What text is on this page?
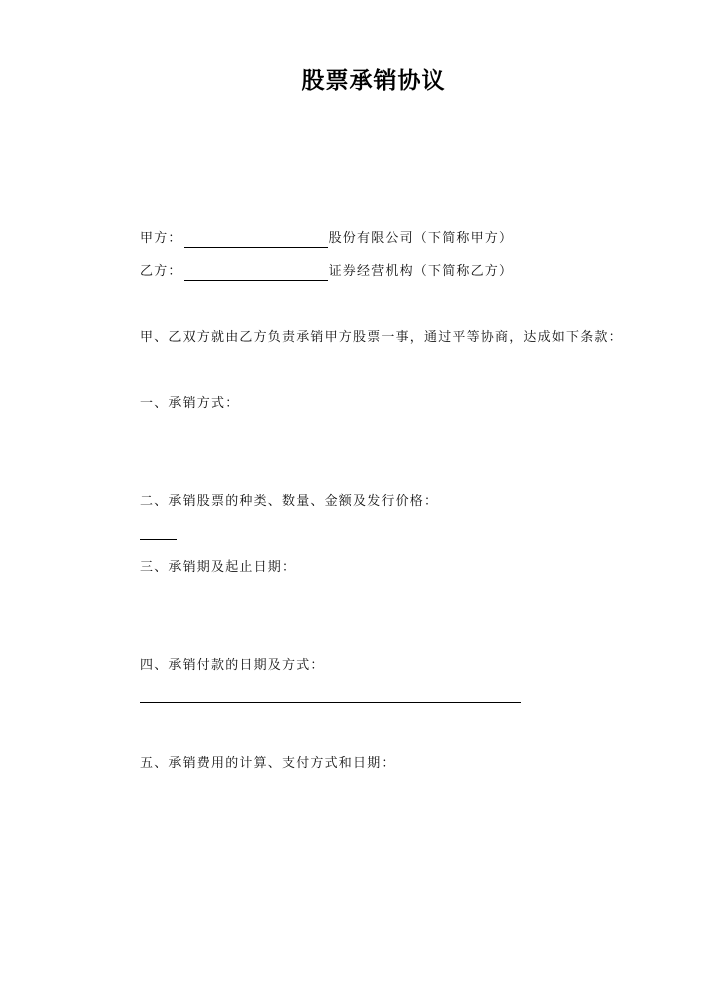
股票承销协议
甲方：	股份有限公司（下简称甲方）
乙方：	证券经营机构（下简称乙方）
甲、乙双方就由乙方负责承销甲方股票一事，通过平等协商，达成如下条款：
一、承销方式：
二、承销股票的种类、数量、金额及发行价格：
三、承销期及起止日期：
四、承销付款的日期及方式：
五、承销费用的计算、支付方式和日期：
